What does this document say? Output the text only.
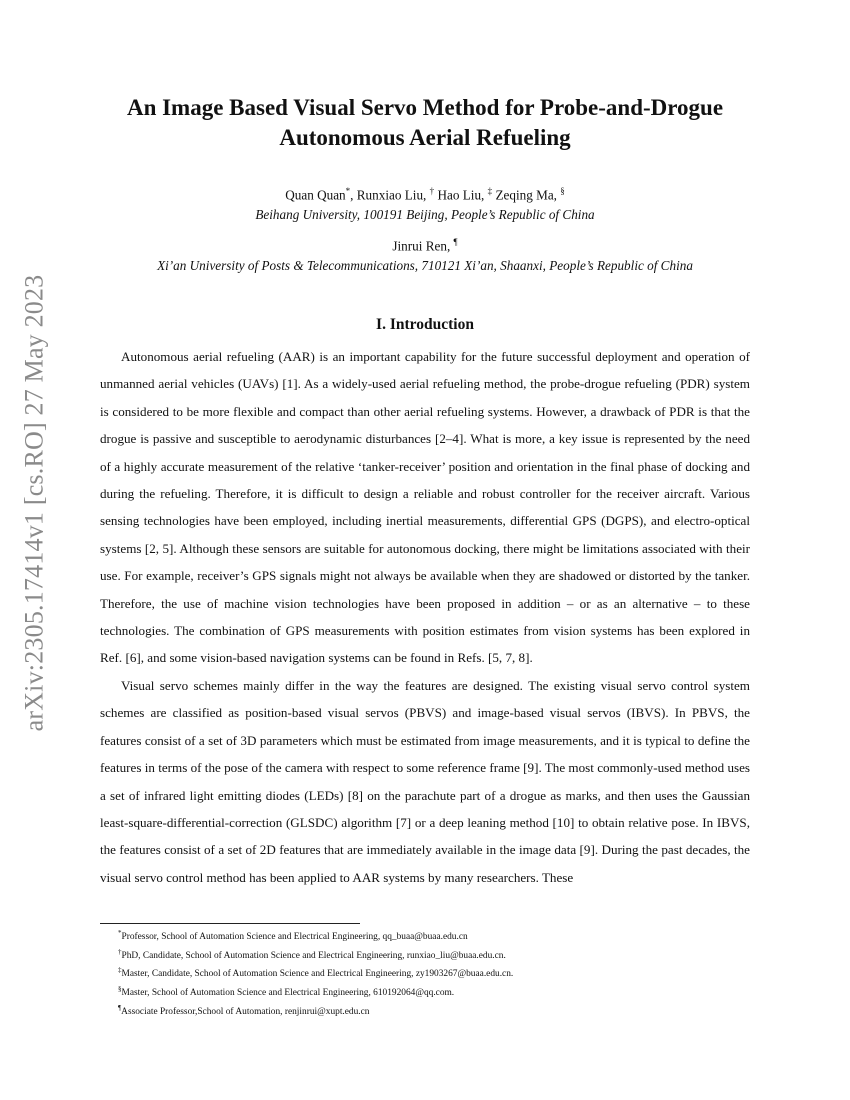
arXiv:2305.17414v1 [cs.RO] 27 May 2023
An Image Based Visual Servo Method for Probe-and-Drogue
Autonomous Aerial Refueling
Quan Quan*, Runxiao Liu, † Hao Liu, ‡ Zeqing Ma, §
Beihang University, 100191 Beijing, People’s Republic of China
Jinrui Ren, ¶
Xi’an University of Posts & Telecommunications, 710121 Xi’an, Shaanxi, People’s Republic of China
I. Introduction

Autonomous aerial refueling (AAR) is an important capability for the future successful deployment and operation of unmanned aerial vehicles (UAVs) [1]. As a widely-used aerial refueling method, the probe-drogue refueling (PDR) system is considered to be more flexible and compact than other aerial refueling systems. However, a drawback of PDR is that the drogue is passive and susceptible to aerodynamic disturbances [2–4]. What is more, a key issue is represented by the need of a highly accurate measurement of the relative ‘tanker-receiver’ position and orientation in the final phase of docking and during the refueling. Therefore, it is difficult to design a reliable and robust controller for the receiver aircraft. Various sensing technologies have been employed, including inertial measurements, differential GPS (DGPS), and electro-optical systems [2, 5]. Although these sensors are suitable for autonomous docking, there might be limitations associated with their use. For example, receiver’s GPS signals might not always be available when they are shadowed or distorted by the tanker. Therefore, the use of machine vision technologies have been proposed in addition – or as an alternative – to these technologies. The combination of GPS measurements with position estimates from vision systems has been explored in Ref. [6], and some vision-based navigation systems can be found in Refs. [5, 7, 8].

Visual servo schemes mainly differ in the way the features are designed. The existing visual servo control system schemes are classified as position-based visual servos (PBVS) and image-based visual servos (IBVS). In PBVS, the features consist of a set of 3D parameters which must be estimated from image measurements, and it is typical to define the features in terms of the pose of the camera with respect to some reference frame [9]. The most commonly-used method uses a set of infrared light emitting diodes (LEDs) [8] on the parachute part of a drogue as marks, and then uses the Gaussian least-square-differential-correction (GLSDC) algorithm [7] or a deep leaning method [10] to obtain relative pose. In IBVS, the features consist of a set of 2D features that are immediately available in the image data [9]. During the past decades, the visual servo control method has been applied to AAR systems by many researchers. These

*Professor, School of Automation Science and Electrical Engineering, qq_buaa@buaa.edu.cn
†PhD, Candidate, School of Automation Science and Electrical Engineering, runxiao_liu@buaa.edu.cn.
‡Master, Candidate, School of Automation Science and Electrical Engineering, zy1903267@buaa.edu.cn.
§Master, School of Automation Science and Electrical Engineering, 610192064@qq.com.
¶Associate Professor,School of Automation, renjinrui@xupt.edu.cn
